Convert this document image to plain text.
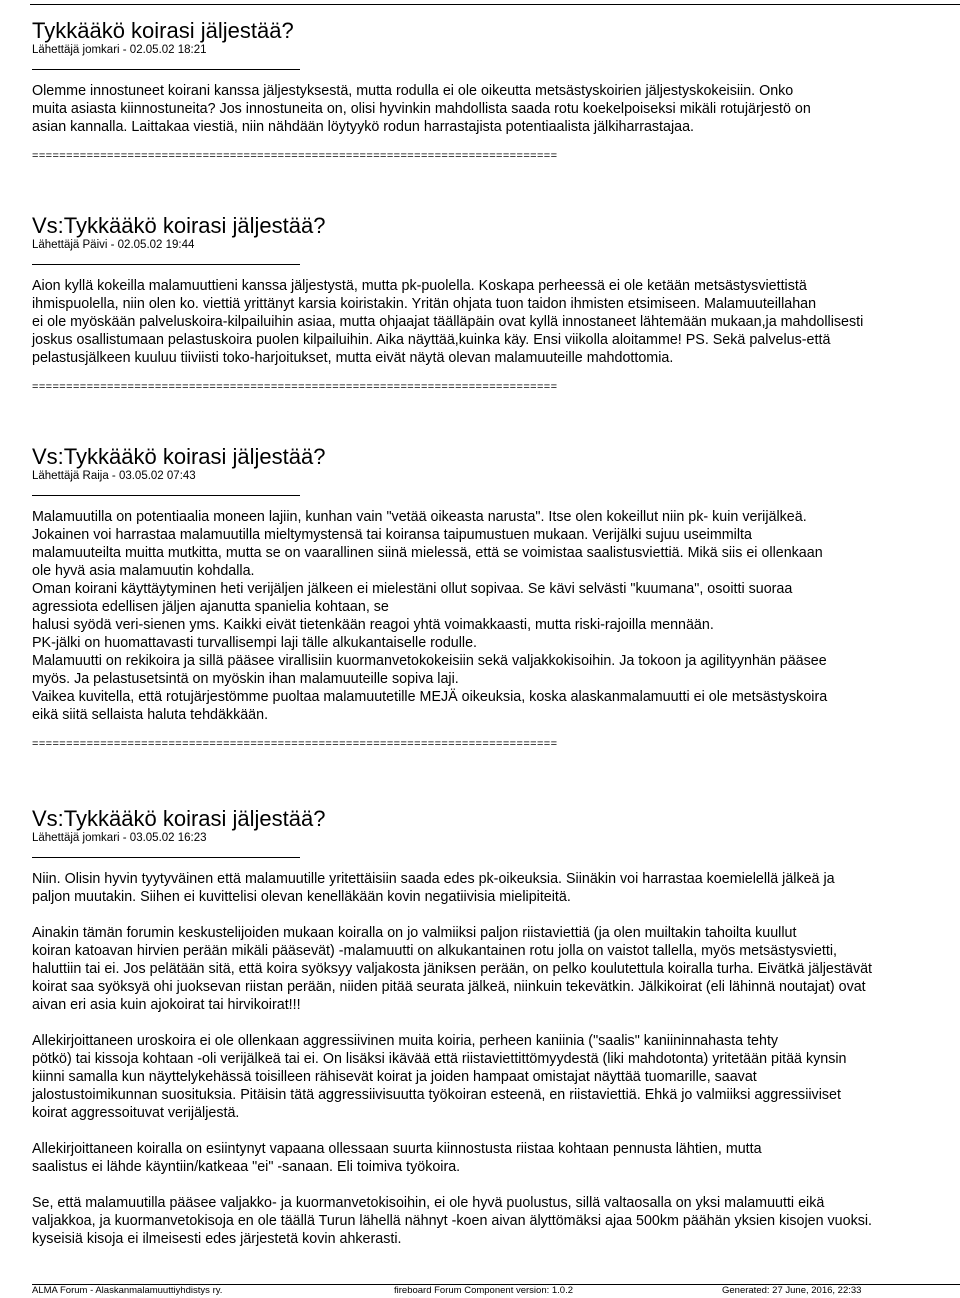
Tykkääkö koirasi jäljestää?
Lähettäjä jomkari - 02.05.02 18:21
Olemme innostuneet koirani kanssa jäljestyksestä, mutta rodulla ei ole oikeutta metsästyskoirien jäljestyskokeisiin. Onko
muita asiasta kiinnostuneita? Jos innostuneita on, olisi hyvinkin mahdollista saada rotu koekelpoiseksi mikäli rotujärjestö on
asian kannalla. Laittakaa viestiä, niin nähdään löytyykö rodun harrastajista potentiaalista jälkiharrastajaa.
=============================================================================
Vs:Tykkääkö koirasi jäljestää?
Lähettäjä Päivi - 02.05.02 19:44
Aion kyllä kokeilla malamuuttieni kanssa jäljestystä, mutta pk-puolella. Koskapa perheessä ei ole ketään metsästysviettistä
ihmispuolella, niin olen ko. viettiä yrittänyt karsia koiristakin. Yritän ohjata tuon taidon ihmisten etsimiseen. Malamuuteillahan
ei ole myöskään palveluskoira-kilpailuihin asiaa, mutta ohjaajat täälläpäin ovat kyllä innostaneet lähtemään mukaan,ja mahdollisesti
joskus osallistumaan pelastuskoira puolen kilpailuihin. Aika näyttää,kuinka käy. Ensi viikolla aloitamme! PS. Sekä palvelus-että
pelastusjälkeen kuuluu tiiviisti toko-harjoitukset, mutta eivät näytä olevan malamuuteille mahdottomia.
=============================================================================
Vs:Tykkääkö koirasi jäljestää?
Lähettäjä Raija - 03.05.02 07:43
Malamuutilla on potentiaalia moneen lajiin, kunhan vain "vetää oikeasta narusta". Itse olen kokeillut niin pk- kuin verijälkeä.
Jokainen voi harrastaa malamuutilla mieltymystensä tai koiransa taipumustuen mukaan. Verijälki sujuu useimmilta
malamuuteilta muitta mutkitta, mutta se on vaarallinen siinä mielessä, että se voimistaa saalistusviettiä. Mikä siis ei ollenkaan
ole hyvä asia malamuutin kohdalla.
Oman koirani käyttäytyminen heti verijäljen jälkeen ei mielestäni ollut sopivaa. Se kävi selvästi "kuumana", osoitti suoraa
agressiota edellisen jäljen ajanutta spanielia kohtaan, se
halusi syödä veri-sienen yms. Kaikki eivät tietenkään reagoi yhtä voimakkaasti, mutta riski-rajoilla mennään.
PK-jälki on huomattavasti turvallisempi laji tälle alkukantaiselle rodulle.
Malamuutti on rekikoira ja sillä pääsee virallisiin kuormanvetokokeisiin sekä valjakkokisoihin. Ja tokoon ja agilityynhän pääsee
myös. Ja pelastusetsintä on myöskin ihan malamuuteille sopiva laji.
Vaikea kuvitella, että rotujärjestömme puoltaa malamuutetille MEJÄ oikeuksia, koska alaskanmalamuutti ei ole metsästyskoira
eikä siitä sellaista haluta tehdäkkään.
=============================================================================
Vs:Tykkääkö koirasi jäljestää?
Lähettäjä jomkari - 03.05.02 16:23
Niin. Olisin hyvin tyytyväinen että malamuutille yritettäisiin saada edes pk-oikeuksia. Siinäkin voi harrastaa koemielellä jälkeä ja
paljon muutakin. Siihen ei kuvittelisi olevan kenelläkään kovin negatiivisia mielipiteitä.
Ainakin tämän forumin keskustelijoiden mukaan koiralla on jo valmiiksi paljon riistaviettiä (ja olen muiltakin tahoilta kuullut
koiran katoavan hirvien perään mikäli pääsevät) -malamuutti on alkukantainen rotu jolla on vaistot tallella, myös metsästysvietti,
haluttiin tai ei. Jos pelätään sitä, että koira syöksyy valjakosta jäniksen perään, on pelko koulutettula koiralla turha. Eivätkä jäljestävät
koirat saa syöksyä ohi juoksevan riistan perään, niiden pitää seurata jälkeä, niinkuin tekevätkin. Jälkikoirat (eli lähinnä noutajat) ovat
aivan eri asia kuin ajokoirat tai hirvikoirat!!!
Allekirjoittaneen uroskoira ei ole ollenkaan aggressiivinen muita koiria, perheen kaniinia ("saalis" kaniininnahasta tehty
pötkö) tai kissoja kohtaan -oli verijälkeä tai ei. On lisäksi ikävää että riistaviettittömyydestä (liki mahdotonta) yritetään pitää kynsin
kiinni samalla kun näyttelykehässä toisilleen rähisevät koirat ja joiden hampaat omistajat näyttää tuomarille, saavat
jalostustoimikunnan suosituksia. Pitäisin tätä aggressiivisuutta työkoiran esteenä, en riistaviettiä. Ehkä jo valmiiksi aggressiiviset
koirat aggressoituvat verijäljestä.
Allekirjoittaneen koiralla on esiintynyt vapaana ollessaan suurta kiinnostusta riistaa kohtaan pennusta lähtien, mutta
saalistus ei lähde käyntiin/katkeaa "ei" -sanaan. Eli toimiva työkoira.
Se, että malamuutilla pääsee valjakko- ja kuormanvetokisoihin, ei ole hyvä puolustus, sillä valtaosalla on yksi malamuutti eikä
valjakkoa, ja kuormanvetokisoja en ole täällä Turun lähellä nähnyt -koen aivan älyttömäksi ajaa 500km päähän yksien kisojen vuoksi.
kyseisiä kisoja ei ilmeisesti edes järjestetä kovin ahkerasti.
ALMA Forum - Alaskanmalamuuttiyhdistys ry.	fireboard Forum Component version: 1.0.2	Generated: 27 June, 2016, 22:33
